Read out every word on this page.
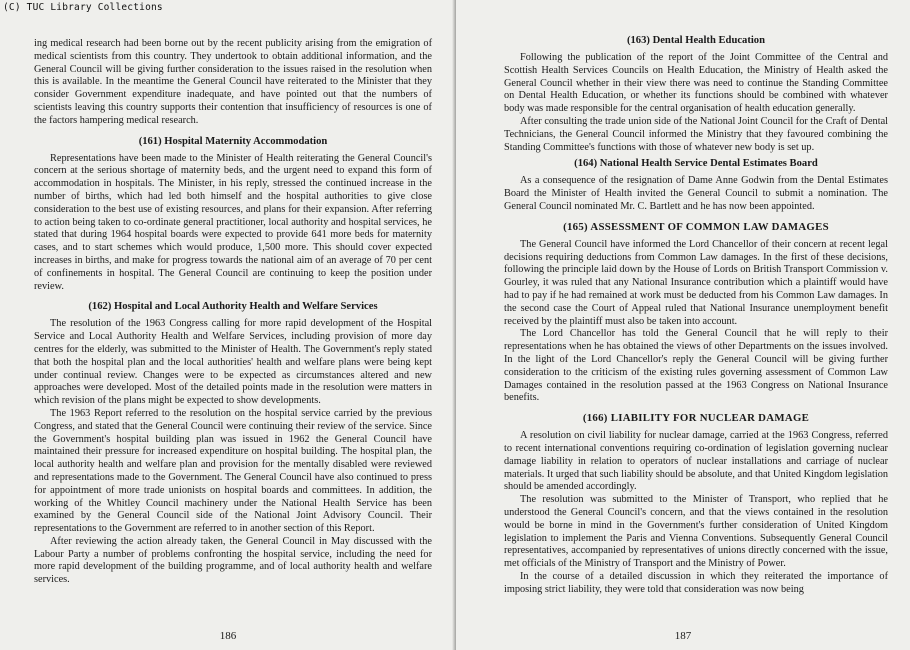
(C) TUC Library Collections

ing medical research had been borne out by the recent publicity arising from the emigration of medical scientists from this country. They undertook to obtain additional information, and the General Council will be giving further consideration to the issues raised in the resolution when this is available. In the meantime the General Council have reiterated to the Minister that they consider Government expenditure inadequate, and have pointed out that the numbers of scientists leaving this country supports their contention that insufficiency of resources is one of the factors hampering medical research.

(161) Hospital Maternity Accommodation

Representations have been made to the Minister of Health reiterating the General Council's concern at the serious shortage of maternity beds, and the urgent need to expand this form of accommodation in hospitals. The Minister, in his reply, stressed the continued increase in the number of births, which had led both himself and the hospital authorities to give close consideration to the best use of existing resources, and plans for their expansion. After referring to action being taken to co-ordinate general practitioner, local authority and hospital services, he stated that during 1964 hospital boards were expected to provide 641 more beds for maternity cases, and to start schemes which would produce, 1,500 more. This should cover expected increases in births, and make for progress towards the national aim of an average of 70 per cent of confinements in hospital. The General Council are continuing to keep the position under review.

(162) Hospital and Local Authority Health and Welfare Services

The resolution of the 1963 Congress calling for more rapid development of the Hospital Service and Local Authority Health and Welfare Services, including provision of more day centres for the elderly, was submitted to the Minister of Health. The Government's reply stated that both the hospital plan and the local authorities' health and welfare plans were being kept under continual review. Changes were to be expected as circumstances altered and new approaches were developed. Most of the detailed points made in the resolution were matters in which revision of the plans might be expected to show developments.

The 1963 Report referred to the resolution on the hospital service carried by the previous Congress, and stated that the General Council were continuing their review of the service. Since the Government's hospital building plan was issued in 1962 the General Council have maintained their pressure for increased expenditure on hospital building. The hospital plan, the local authority health and welfare plan and provision for the mentally disabled were reviewed and representations made to the Government. The General Council have also continued to press for appointment of more trade unionists on hospital boards and committees. In addition, the working of the Whitley Council machinery under the National Health Service has been examined by the General Council side of the National Joint Advisory Council. Their representations to the Government are referred to in another section of this Report.

After reviewing the action already taken, the General Council in May discussed with the Labour Party a number of problems confronting the hospital service, including the need for more rapid development of the building programme, and of local authority health and welfare services.

186
(163) Dental Health Education

Following the publication of the report of the Joint Committee of the Central and Scottish Health Services Councils on Health Education, the Ministry of Health asked the General Council whether in their view there was need to continue the Standing Committee on Dental Health Education, or whether its functions should be combined with whatever body was made responsible for the central organisation of health education generally.

After consulting the trade union side of the National Joint Council for the Craft of Dental Technicians, the General Council informed the Ministry that they favoured combining the Standing Committee's functions with those of whatever new body is set up.

(164) National Health Service Dental Estimates Board

As a consequence of the resignation of Dame Anne Godwin from the Dental Estimates Board the Minister of Health invited the General Council to submit a nomination. The General Council nominated Mr. C. Bartlett and he has now been appointed.

(165) ASSESSMENT OF COMMON LAW DAMAGES

The General Council have informed the Lord Chancellor of their concern at recent legal decisions requiring deductions from Common Law damages. In the first of these decisions, following the principle laid down by the House of Lords on British Transport Commission v. Gourley, it was ruled that any National Insurance contribution which a plaintiff would have had to pay if he had remained at work must be deducted from his Common Law damages. In the second case the Court of Appeal ruled that National Insurance unemployment benefit received by the plaintiff must also be taken into account.

The Lord Chancellor has told the General Council that he will reply to their representations when he has obtained the views of other Departments on the issues involved. In the light of the Lord Chancellor's reply the General Council will be giving further consideration to the criticism of the existing rules governing assessment of Common Law Damages contained in the resolution passed at the 1963 Congress on National Insurance benefits.

(166) LIABILITY FOR NUCLEAR DAMAGE

A resolution on civil liability for nuclear damage, carried at the 1963 Congress, referred to recent international conventions requiring co-ordination of legislation governing nuclear damage liability in relation to operators of nuclear installations and carriage of nuclear materials. It urged that such liability should be absolute, and that United Kingdom legislation should be amended accordingly.

The resolution was submitted to the Minister of Transport, who replied that he understood the General Council's concern, and that the views contained in the resolution would be borne in mind in the Government's further consideration of United Kingdom legislation to implement the Paris and Vienna Conventions. Subsequently General Council representatives, accompanied by representatives of unions directly concerned with the issue, met officials of the Ministry of Transport and the Ministry of Power.

In the course of a detailed discussion in which they reiterated the importance of imposing strict liability, they were told that consideration was now being

187
